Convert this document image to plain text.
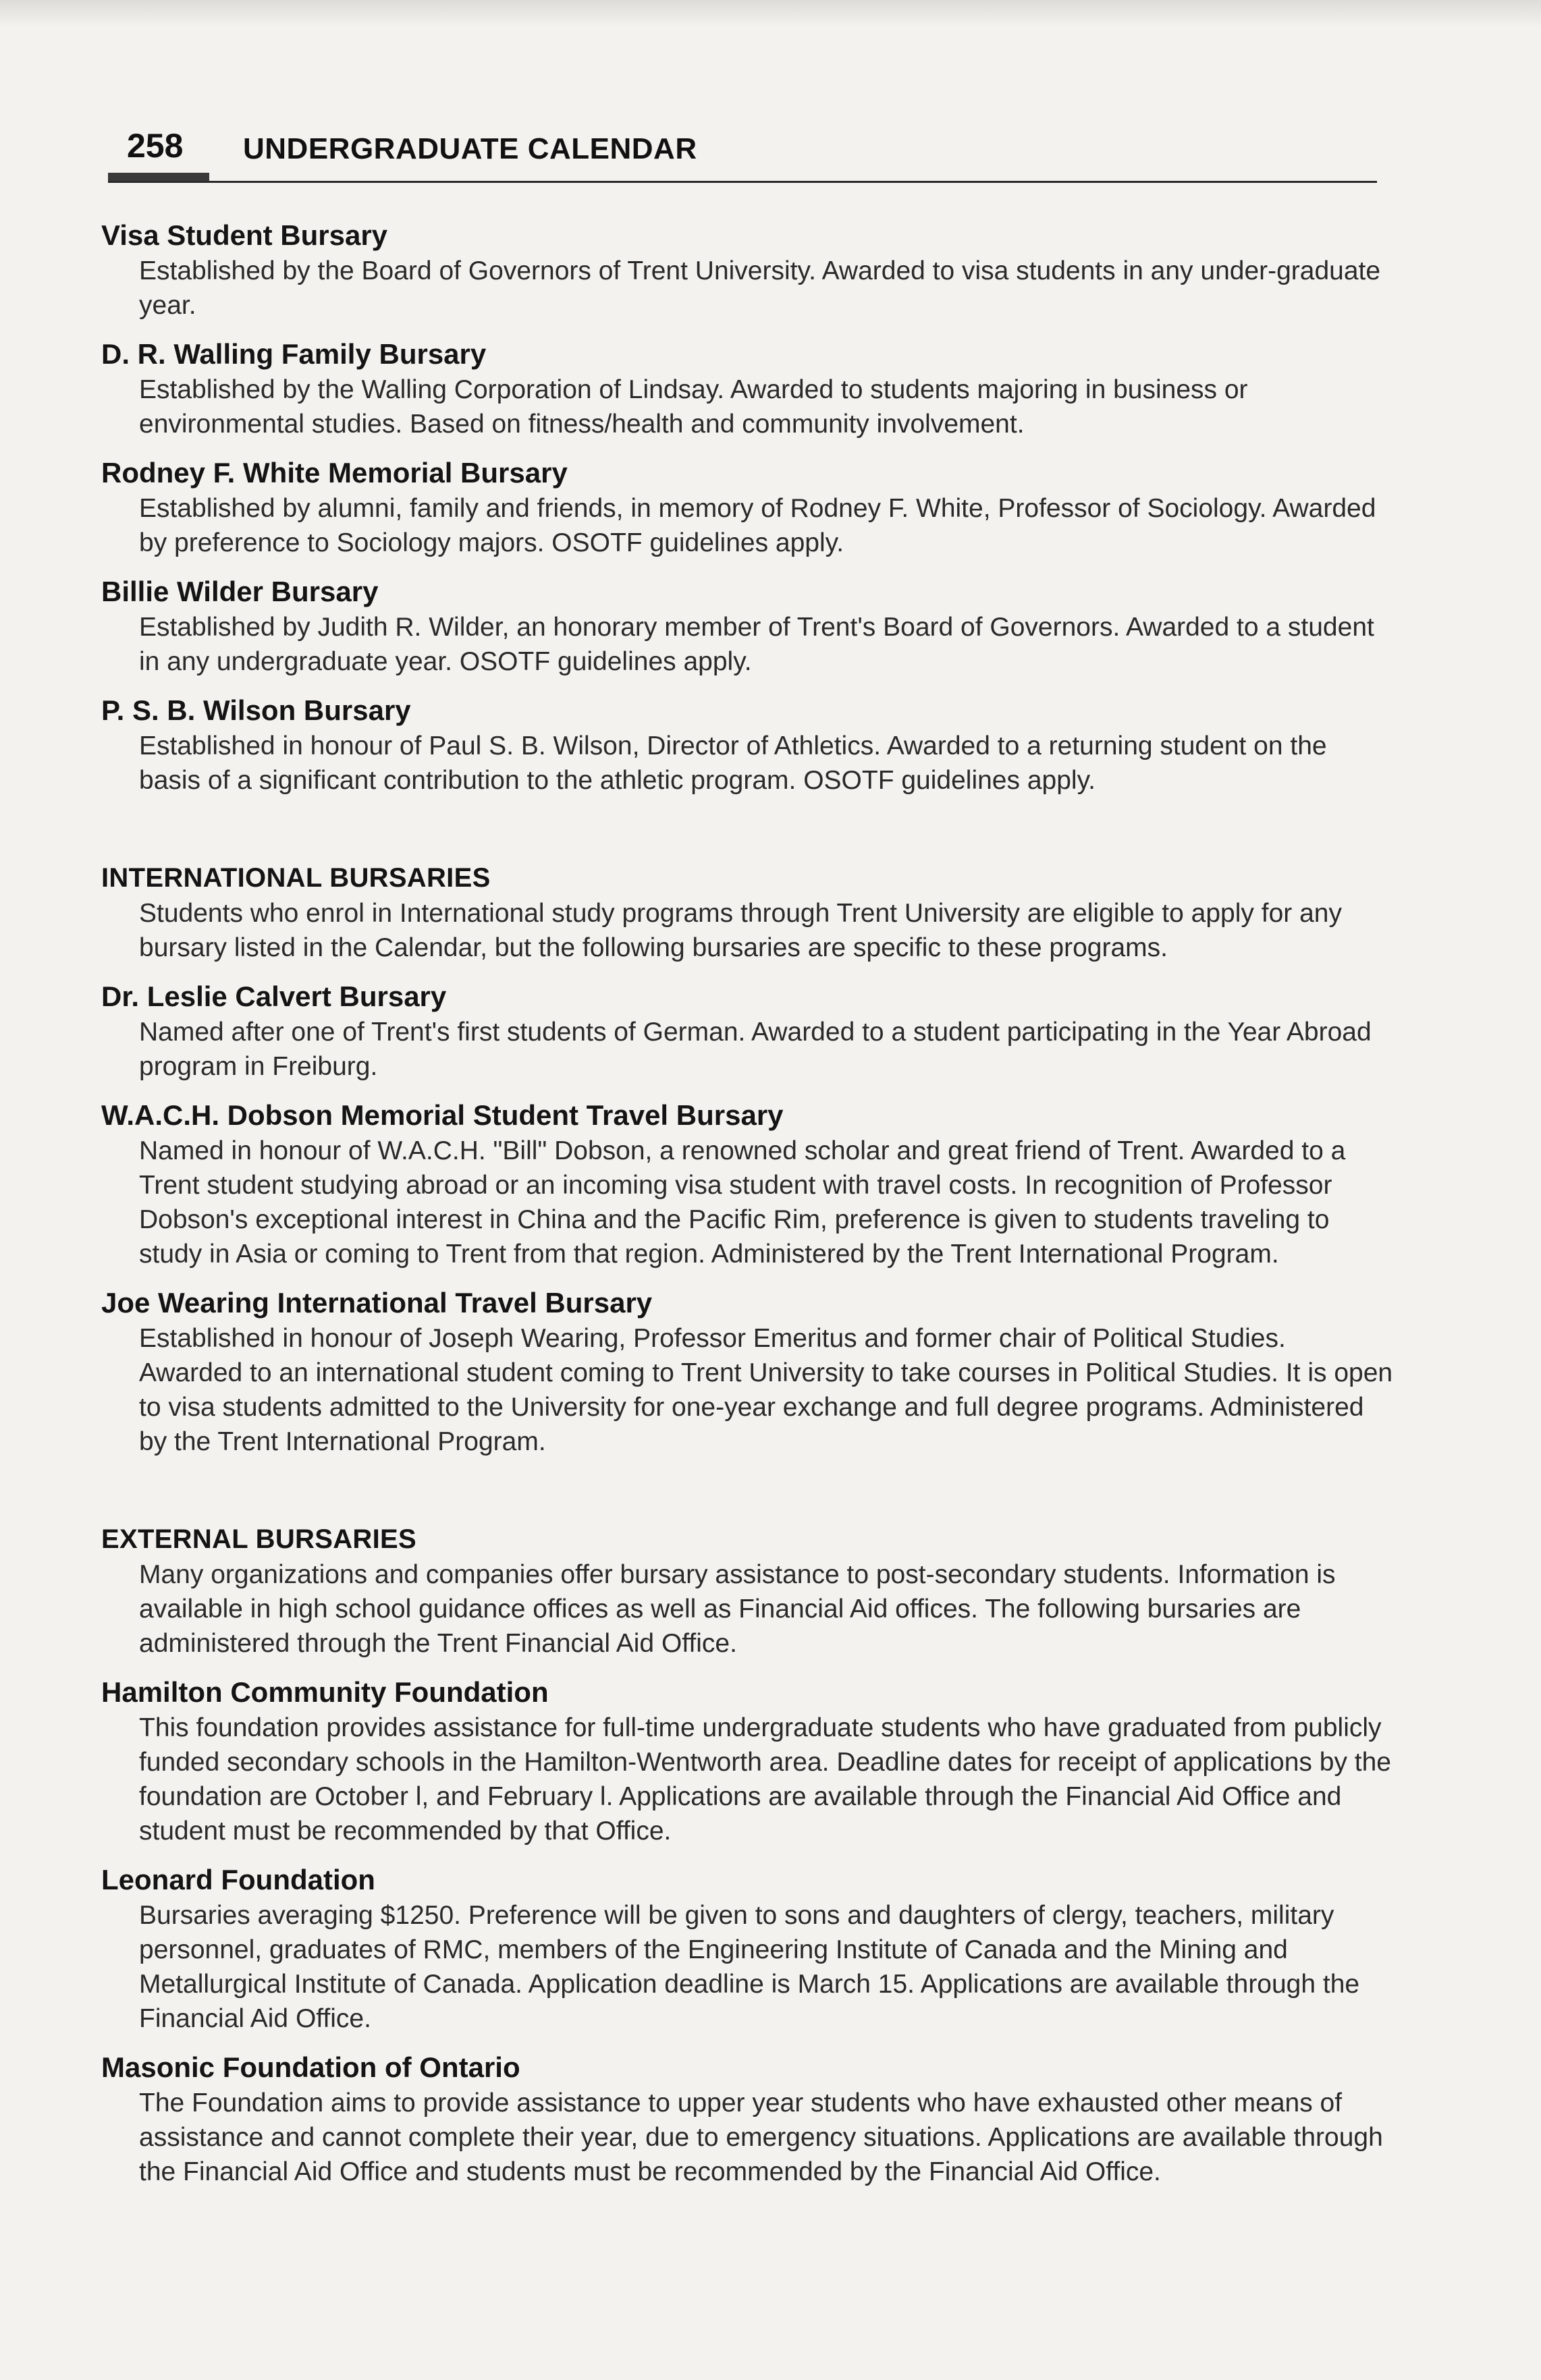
258 UNDERGRADUATE CALENDAR

Visa Student Bursary

Established by the Board of Governors of Trent University. Awarded to visa students in any under-graduate year.

D. R. Walling Family Bursary

Established by the Walling Corporation of Lindsay. Awarded to students majoring in business or environmental studies. Based on fitness/health and community involvement.

Rodney F. White Memorial Bursary

Established by alumni, family and friends, in memory of Rodney F. White, Professor of Sociology. Awarded by preference to Sociology majors. OSOTF guidelines apply.

Billie Wilder Bursary

Established by Judith R. Wilder, an honorary member of Trent's Board of Governors. Awarded to a student in any undergraduate year. OSOTF guidelines apply.

P. S. B. Wilson Bursary

Established in honour of Paul S. B. Wilson, Director of Athletics. Awarded to a returning student on the basis of a significant contribution to the athletic program. OSOTF guidelines apply.

INTERNATIONAL BURSARIES

Students who enrol in International study programs through Trent University are eligible to apply for any bursary listed in the Calendar, but the following bursaries are specific to these programs.

Dr. Leslie Calvert Bursary

Named after one of Trent's first students of German. Awarded to a student participating in the Year Abroad program in Freiburg.

W.A.C.H. Dobson Memorial Student Travel Bursary

Named in honour of W.A.C.H. "Bill" Dobson, a renowned scholar and great friend of Trent. Awarded to a Trent student studying abroad or an incoming visa student with travel costs. In recognition of Professor Dobson's exceptional interest in China and the Pacific Rim, preference is given to students traveling to study in Asia or coming to Trent from that region. Administered by the Trent International Program.

Joe Wearing International Travel Bursary

Established in honour of Joseph Wearing, Professor Emeritus and former chair of Political Studies. Awarded to an international student coming to Trent University to take courses in Political Studies. It is open to visa students admitted to the University for one-year exchange and full degree programs. Administered by the Trent International Program.

EXTERNAL BURSARIES

Many organizations and companies offer bursary assistance to post-secondary students. Information is available in high school guidance offices as well as Financial Aid offices. The following bursaries are administered through the Trent Financial Aid Office.

Hamilton Community Foundation

This foundation provides assistance for full-time undergraduate students who have graduated from publicly funded secondary schools in the Hamilton-Wentworth area. Deadline dates for receipt of applications by the foundation are October l, and February l. Applications are available through the Financial Aid Office and student must be recommended by that Office.

Leonard Foundation

Bursaries averaging $1250. Preference will be given to sons and daughters of clergy, teachers, military personnel, graduates of RMC, members of the Engineering Institute of Canada and the Mining and Metallurgical Institute of Canada. Application deadline is March 15. Applications are available through the Financial Aid Office.

Masonic Foundation of Ontario

The Foundation aims to provide assistance to upper year students who have exhausted other means of assistance and cannot complete their year, due to emergency situations. Applications are available through the Financial Aid Office and students must be recommended by the Financial Aid Office.
